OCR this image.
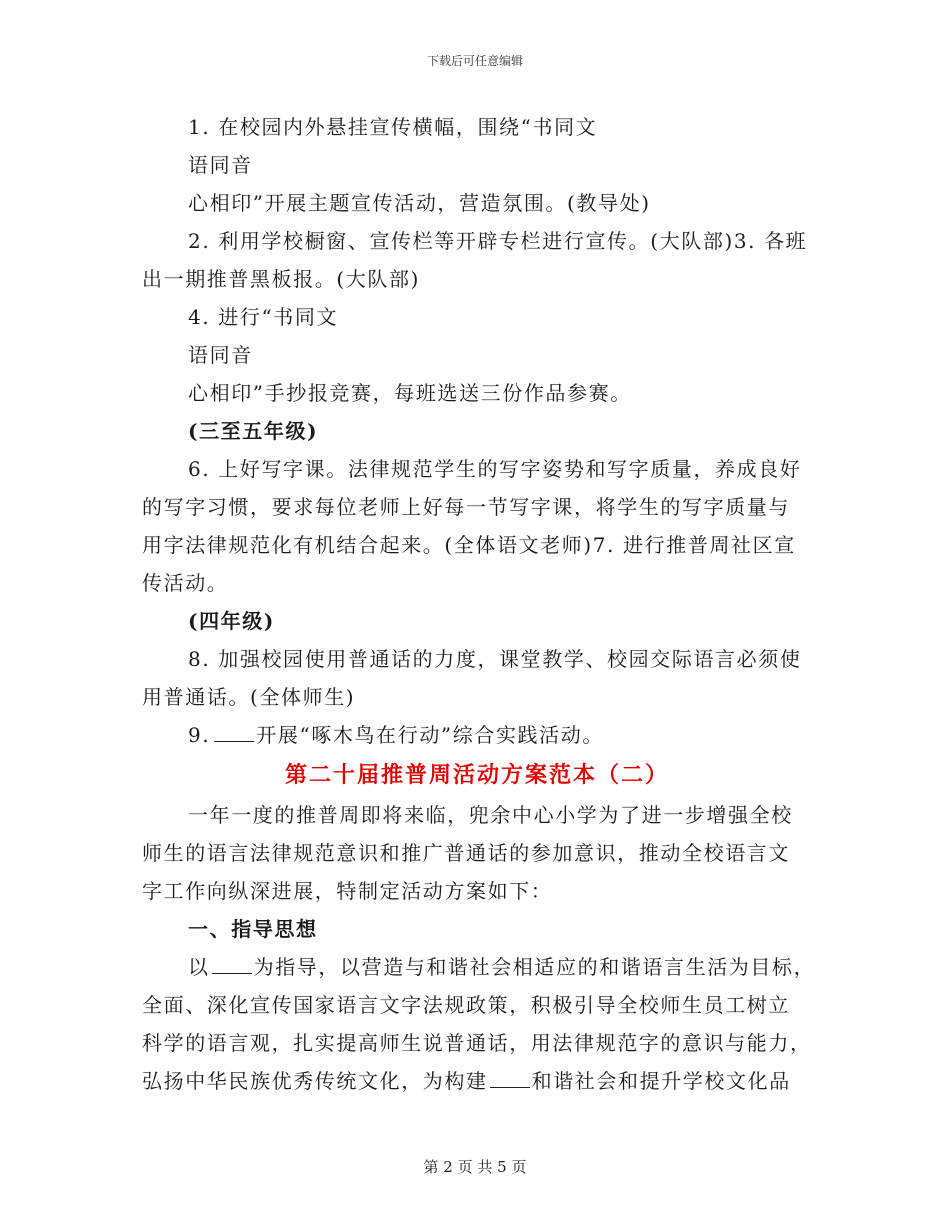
下载后可任意编辑
1. 在校园内外悬挂宣传横幅，围绕“书同文
语同音
心相印”开展主题宣传活动，营造氛围。(教导处)
2. 利用学校橱窗、宣传栏等开辟专栏进行宣传。(大队部)3. 各班
出一期推普黑板报。(大队部)
4. 进行“书同文
语同音
心相印”手抄报竞赛，每班选送三份作品参赛。
(三至五年级)
6. 上好写字课。法律规范学生的写字姿势和写字质量，养成良好
的写字习惯，要求每位老师上好每一节写字课，将学生的写字质量与
用字法律规范化有机结合起来。(全体语文老师)7. 进行推普周社区宣
传活动。
(四年级)
8. 加强校园使用普通话的力度，课堂教学、校园交际语言必须使
用普通话。(全体师生)
9. 开展“啄木鸟在行动”综合实践活动。
第二十届推普周活动方案范本（二）
一年一度的推普周即将来临，兜余中心小学为了进一步增强全校
师生的语言法律规范意识和推广普通话的参加意识，推动全校语言文
字工作向纵深进展，特制定活动方案如下：
一、指导思想
以 为指导，以营造与和谐社会相适应的和谐语言生活为目标，
全面、深化宣传国家语言文字法规政策，积极引导全校师生员工树立
科学的语言观，扎实提高师生说普通话，用法律规范字的意识与能力，
弘扬中华民族优秀传统文化，为构建 和谐社会和提升学校文化品
第 2 页 共 5 页
